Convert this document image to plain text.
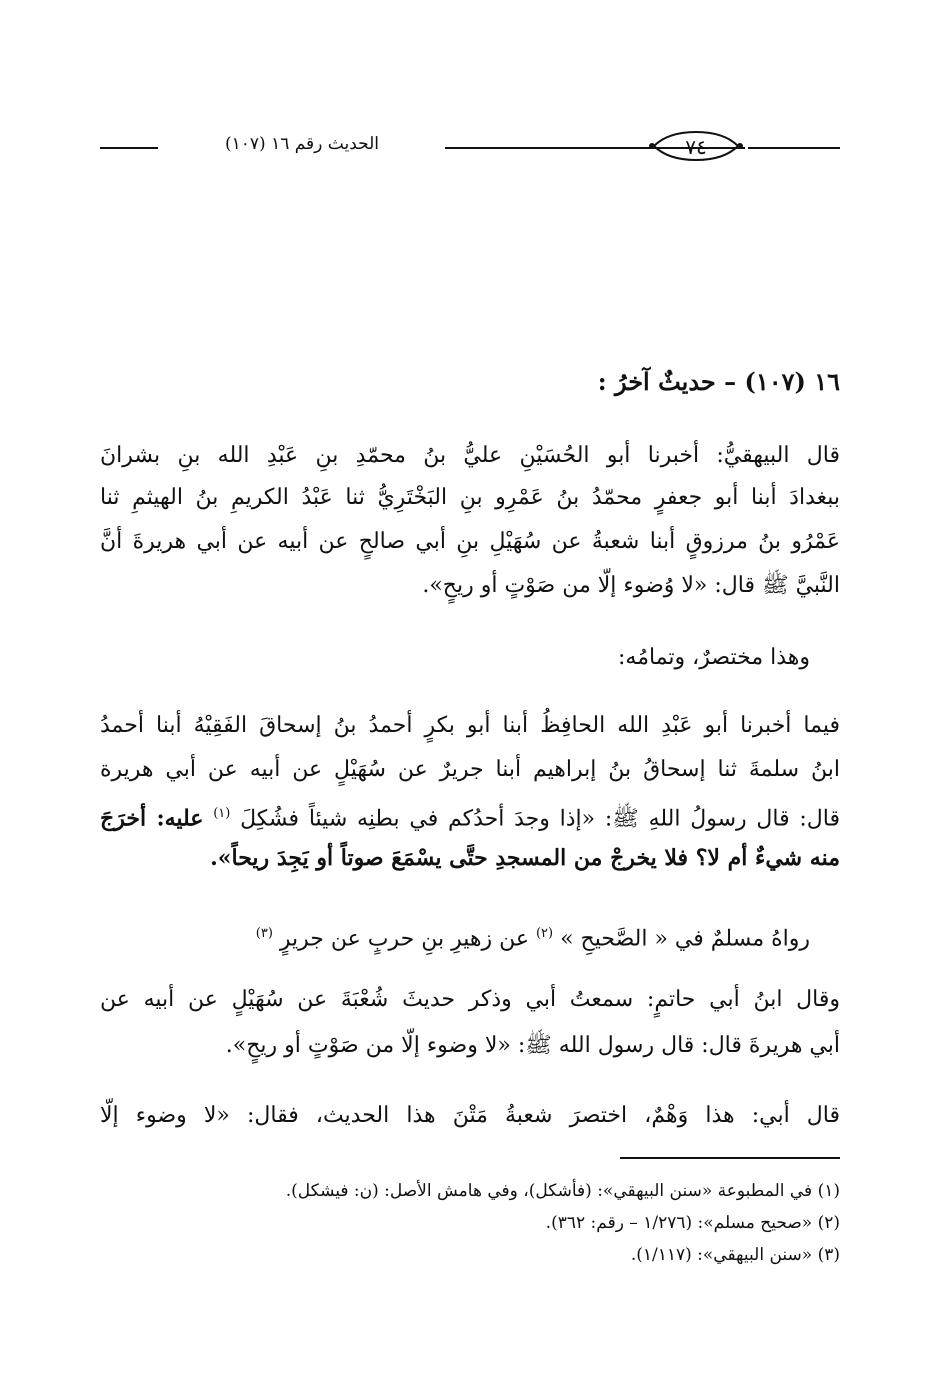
الحديث رقم ١٦ (١٠٧)	٧٤
١٦ (١٠٧) – حديثٌ آخرُ :
قال البيهقيُّ: أخبرنا أبو الحُسَيْنِ عليُّ بنُ محمّدِ بنِ عَبْدِ الله بنِ بشرانَ
ببغدادَ أبنا أبو جعفرٍ محمّدُ بنُ عَمْرِو بنِ البَخْتَرِيُّ ثنا عَبْدُ الكريمِ بنُ الهيثمِ ثنا
عَمْرُو بنُ مرزوقٍ أبنا شعبةُ عن سُهَيْلِ بنِ أبي صالحٍ عن أبيه عن أبي هريرةَ أنَّ
النَّبيَّ ﷺ قال: «لا وُضوء إلَّا من صَوْتٍ أو ريحٍ».
وهذا مختصرٌ، وتمامُه:
فيما أخبرنا أبو عَبْدِ الله الحافِظُ أبنا أبو بكرٍ أحمدُ بنُ إسحاقَ الفَقِيْهُ أبنا أحمدُ
ابنُ سلمةَ ثنا إسحاقُ بنُ إبراهيم أبنا جريرٌ عن سُهَيْلٍ عن أبيه عن أبي هريرة
قال: قال رسولُ اللهِ ﷺ: «إذا وجدَ أحدُكم في بطنِه شيئاً فشُكِلَ $^{(١)}$ عليه: أخرَجَ
منه شيءٌ أم لا؟ فلا يخرجْ من المسجدِ حتَّى يسْمَعَ صوتاً أو يَجِدَ ريحاً».
رواهُ مسلمٌ في « الصَّحيحِ » $^{(٢)}$ عن زهيرِ بنِ حربٍ عن جريرٍ $^{(٣)}$
وقال ابنُ أبي حاتمٍ: سمعتُ أبي وذكر حديثَ شُعْبَةَ عن سُهَيْلٍ عن أبيه عن
أبي هريرةَ قال: قال رسول الله ﷺ: «لا وضوء إلَّا من صَوْتٍ أو ريحٍ».
قال أبي: هذا وَهْمٌ، اختصرَ شعبةُ مَتْنَ هذا الحديث، فقال: «لا وضوء إلَّا
(١) في المطبوعة «سنن البيهقي»: (فأشكل)، وفي هامش الأصل: (ن: فيشكل).
(٢) «صحيح مسلم»: (١/٢٧٦ – رقم: ٣٦٢).
(٣) «سنن البيهقي»: (١/١١٧).
